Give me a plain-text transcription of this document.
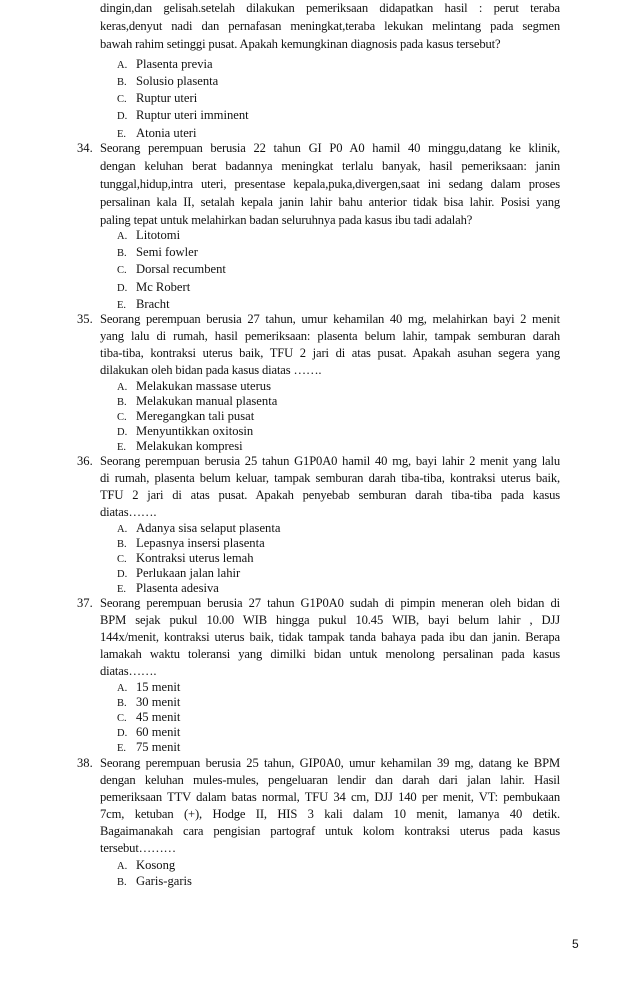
dingin,dan gelisah.setelah dilakukan pemeriksaan didapatkan hasil : perut teraba
keras,denyut nadi dan pernafasan meningkat,teraba lekukan melintang pada segmen
bawah rahim setinggi pusat. Apakah kemungkinan diagnosis pada kasus tersebut?
A. Plasenta previa
B. Solusio plasenta
C. Ruptur uteri
D. Ruptur uteri imminent
E. Atonia uteri
34. Seorang perempuan berusia 22 tahun GI P0 A0 hamil 40 minggu,datang ke klinik,
dengan keluhan berat badannya meningkat terlalu banyak, hasil pemeriksaan: janin
tunggal,hidup,intra uteri, presentase kepala,puka,divergen,saat ini sedang dalam proses
persalinan kala II, setalah kepala janin lahir bahu anterior tidak bisa lahir. Posisi yang
paling tepat untuk melahirkan badan seluruhnya pada kasus ibu tadi adalah?
A. Litotomi
B. Semi fowler
C. Dorsal recumbent
D. Mc Robert
E. Bracht
35. Seorang perempuan berusia 27 tahun, umur kehamilan 40 mg, melahirkan bayi 2 menit
yang lalu di rumah, hasil pemeriksaan: plasenta belum lahir, tampak semburan darah
tiba-tiba, kontraksi uterus baik, TFU 2 jari di atas pusat. Apakah asuhan segera yang
dilakukan oleh bidan pada kasus diatas …….
A. Melakukan massase uterus
B. Melakukan manual plasenta
C. Meregangkan tali pusat
D. Menyuntikkan oxitosin
E. Melakukan kompresi
36. Seorang perempuan berusia 25 tahun G1P0A0 hamil 40 mg, bayi lahir 2 menit yang lalu
di rumah, plasenta belum keluar, tampak semburan darah tiba-tiba, kontraksi uterus baik,
TFU 2 jari di atas pusat. Apakah penyebab semburan darah tiba-tiba pada kasus
diatas…….
A. Adanya sisa selaput plasenta
B. Lepasnya insersi plasenta
C. Kontraksi uterus lemah
D. Perlukaan jalan lahir
E. Plasenta adesiva
37. Seorang perempuan berusia 27 tahun G1P0A0 sudah di pimpin meneran oleh bidan di
BPM sejak pukul 10.00 WIB hingga pukul 10.45 WIB, bayi belum lahir , DJJ
144x/menit, kontraksi uterus baik, tidak tampak tanda bahaya pada ibu dan janin. Berapa
lamakah waktu toleransi yang dimilki bidan untuk menolong persalinan pada kasus
diatas…….
A. 15 menit
B. 30 menit
C. 45 menit
D. 60 menit
E. 75 menit
38. Seorang perempuan berusia 25 tahun, GIP0A0, umur kehamilan 39 mg, datang ke BPM
dengan keluhan mules-mules, pengeluaran lendir dan darah dari jalan lahir. Hasil
pemeriksaan TTV dalam batas normal, TFU 34 cm, DJJ 140 per menit, VT: pembukaan
7cm, ketuban (+), Hodge II, HIS 3 kali dalam 10 menit, lamanya 40 detik.
Bagaimanakah cara pengisian partograf untuk kolom kontraksi uterus pada kasus
tersebut………
A. Kosong
B. Garis-garis
5
